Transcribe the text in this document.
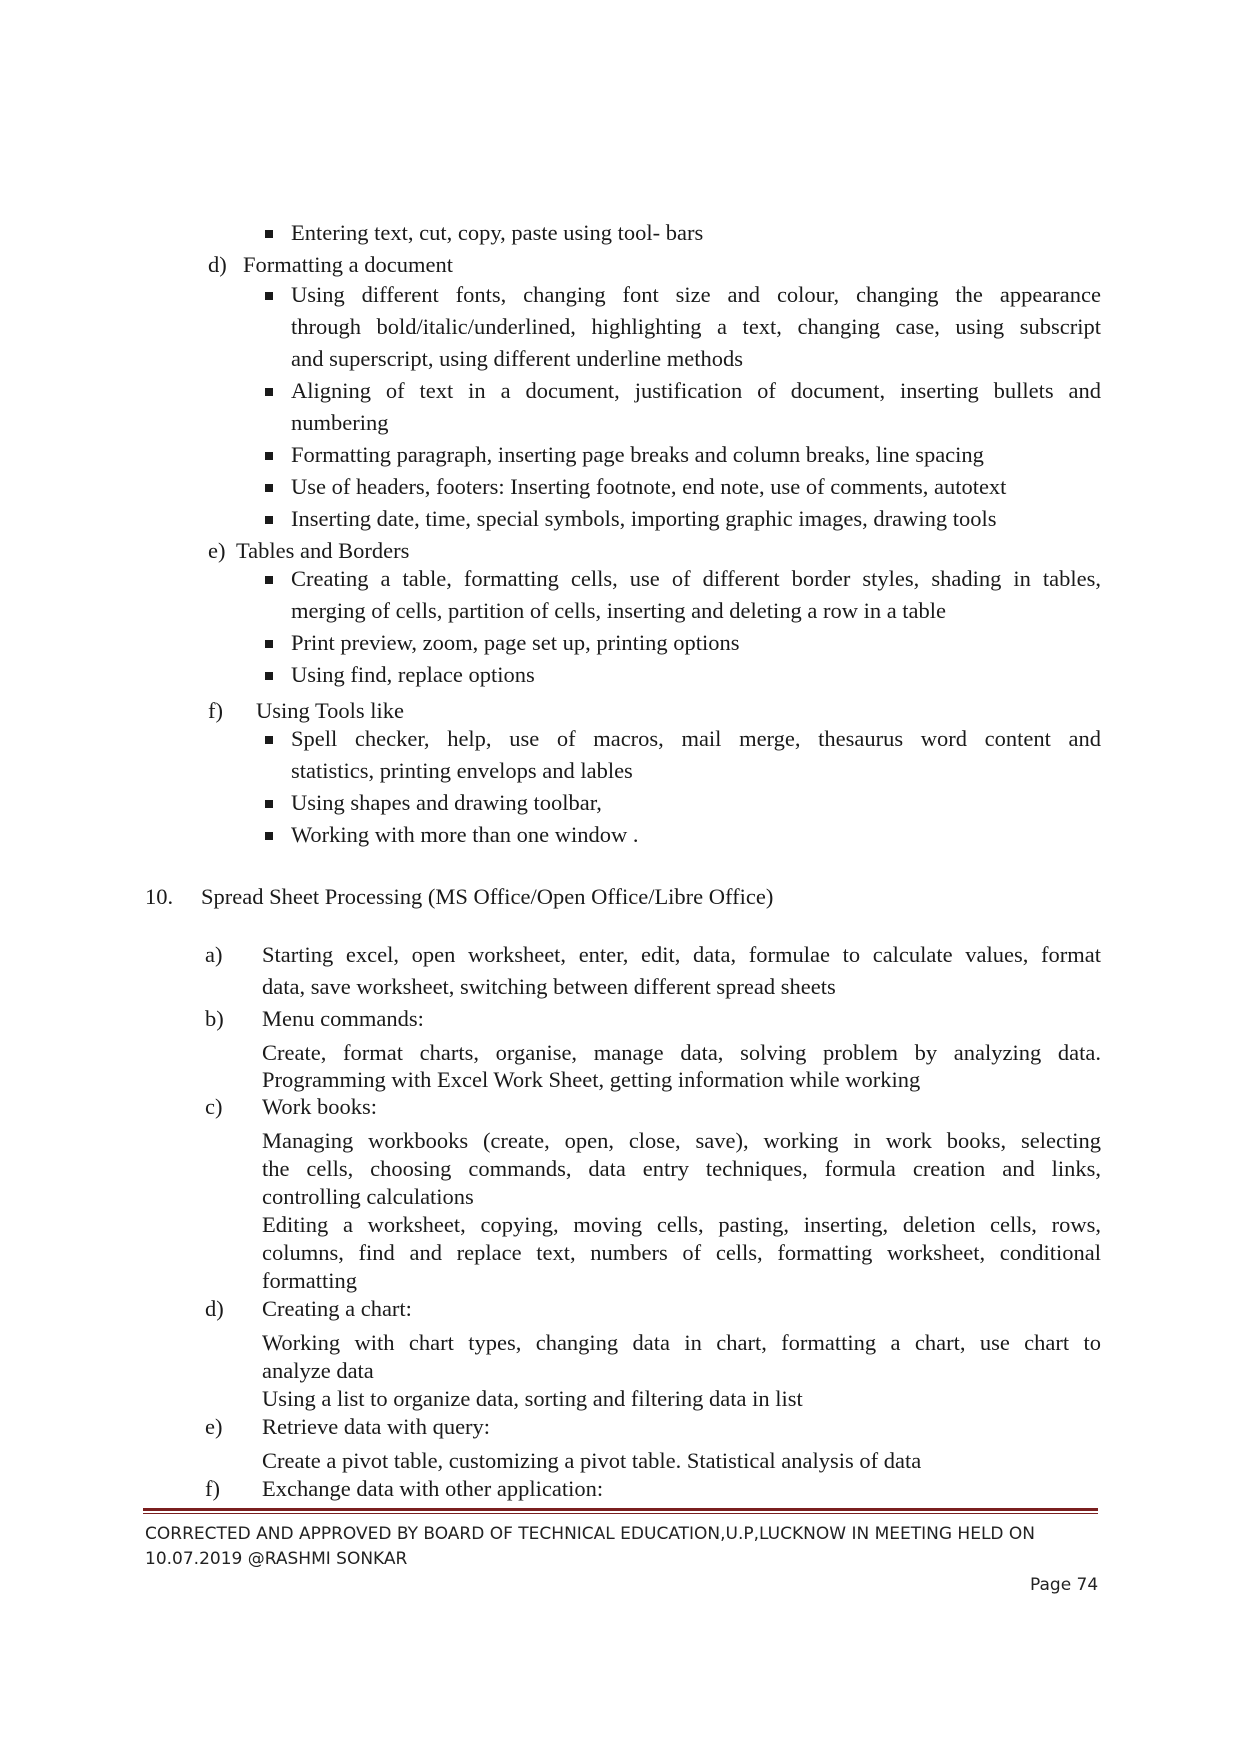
Entering text, cut, copy, paste using tool- bars
d) Formatting a document
Using different fonts, changing font size and colour, changing the appearance
through bold/italic/underlined, highlighting a text, changing case, using subscript
and superscript, using different underline methods
Aligning of text in a document, justification of document, inserting bullets and
numbering
Formatting paragraph, inserting page breaks and column breaks, line spacing
Use of headers, footers: Inserting footnote, end note, use of comments, autotext
Inserting date, time, special symbols, importing graphic images, drawing tools
e) Tables and Borders
Creating a table, formatting cells, use of different border styles, shading in tables,
merging of cells, partition of cells, inserting and deleting a row in a table
Print preview, zoom, page set up, printing options
Using find, replace options
f) Using Tools like
Spell checker, help, use of macros, mail merge, thesaurus word content and
statistics, printing envelops and lables
Using shapes and drawing toolbar,
Working with more than one window .
10. Spread Sheet Processing (MS Office/Open Office/Libre Office)
a) Starting excel, open worksheet, enter, edit, data, formulae to calculate values, format
data, save worksheet, switching between different spread sheets
b) Menu commands:
Create, format charts, organise, manage data, solving problem by analyzing data.
Programming with Excel Work Sheet, getting information while working
c) Work books:
Managing workbooks (create, open, close, save), working in work books, selecting
the cells, choosing commands, data entry techniques, formula creation and links,
controlling calculations
Editing a worksheet, copying, moving cells, pasting, inserting, deletion cells, rows,
columns, find and replace text, numbers of cells, formatting worksheet, conditional
formatting
d) Creating a chart:
Working with chart types, changing data in chart, formatting a chart, use chart to
analyze data
Using a list to organize data, sorting and filtering data in list
e) Retrieve data with query:
Create a pivot table, customizing a pivot table. Statistical analysis of data
f) Exchange data with other application:
CORRECTED AND APPROVED BY BOARD OF TECHNICAL EDUCATION,U.P,LUCKNOW IN MEETING HELD ON
10.07.2019 @RASHMI SONKAR
Page 74
